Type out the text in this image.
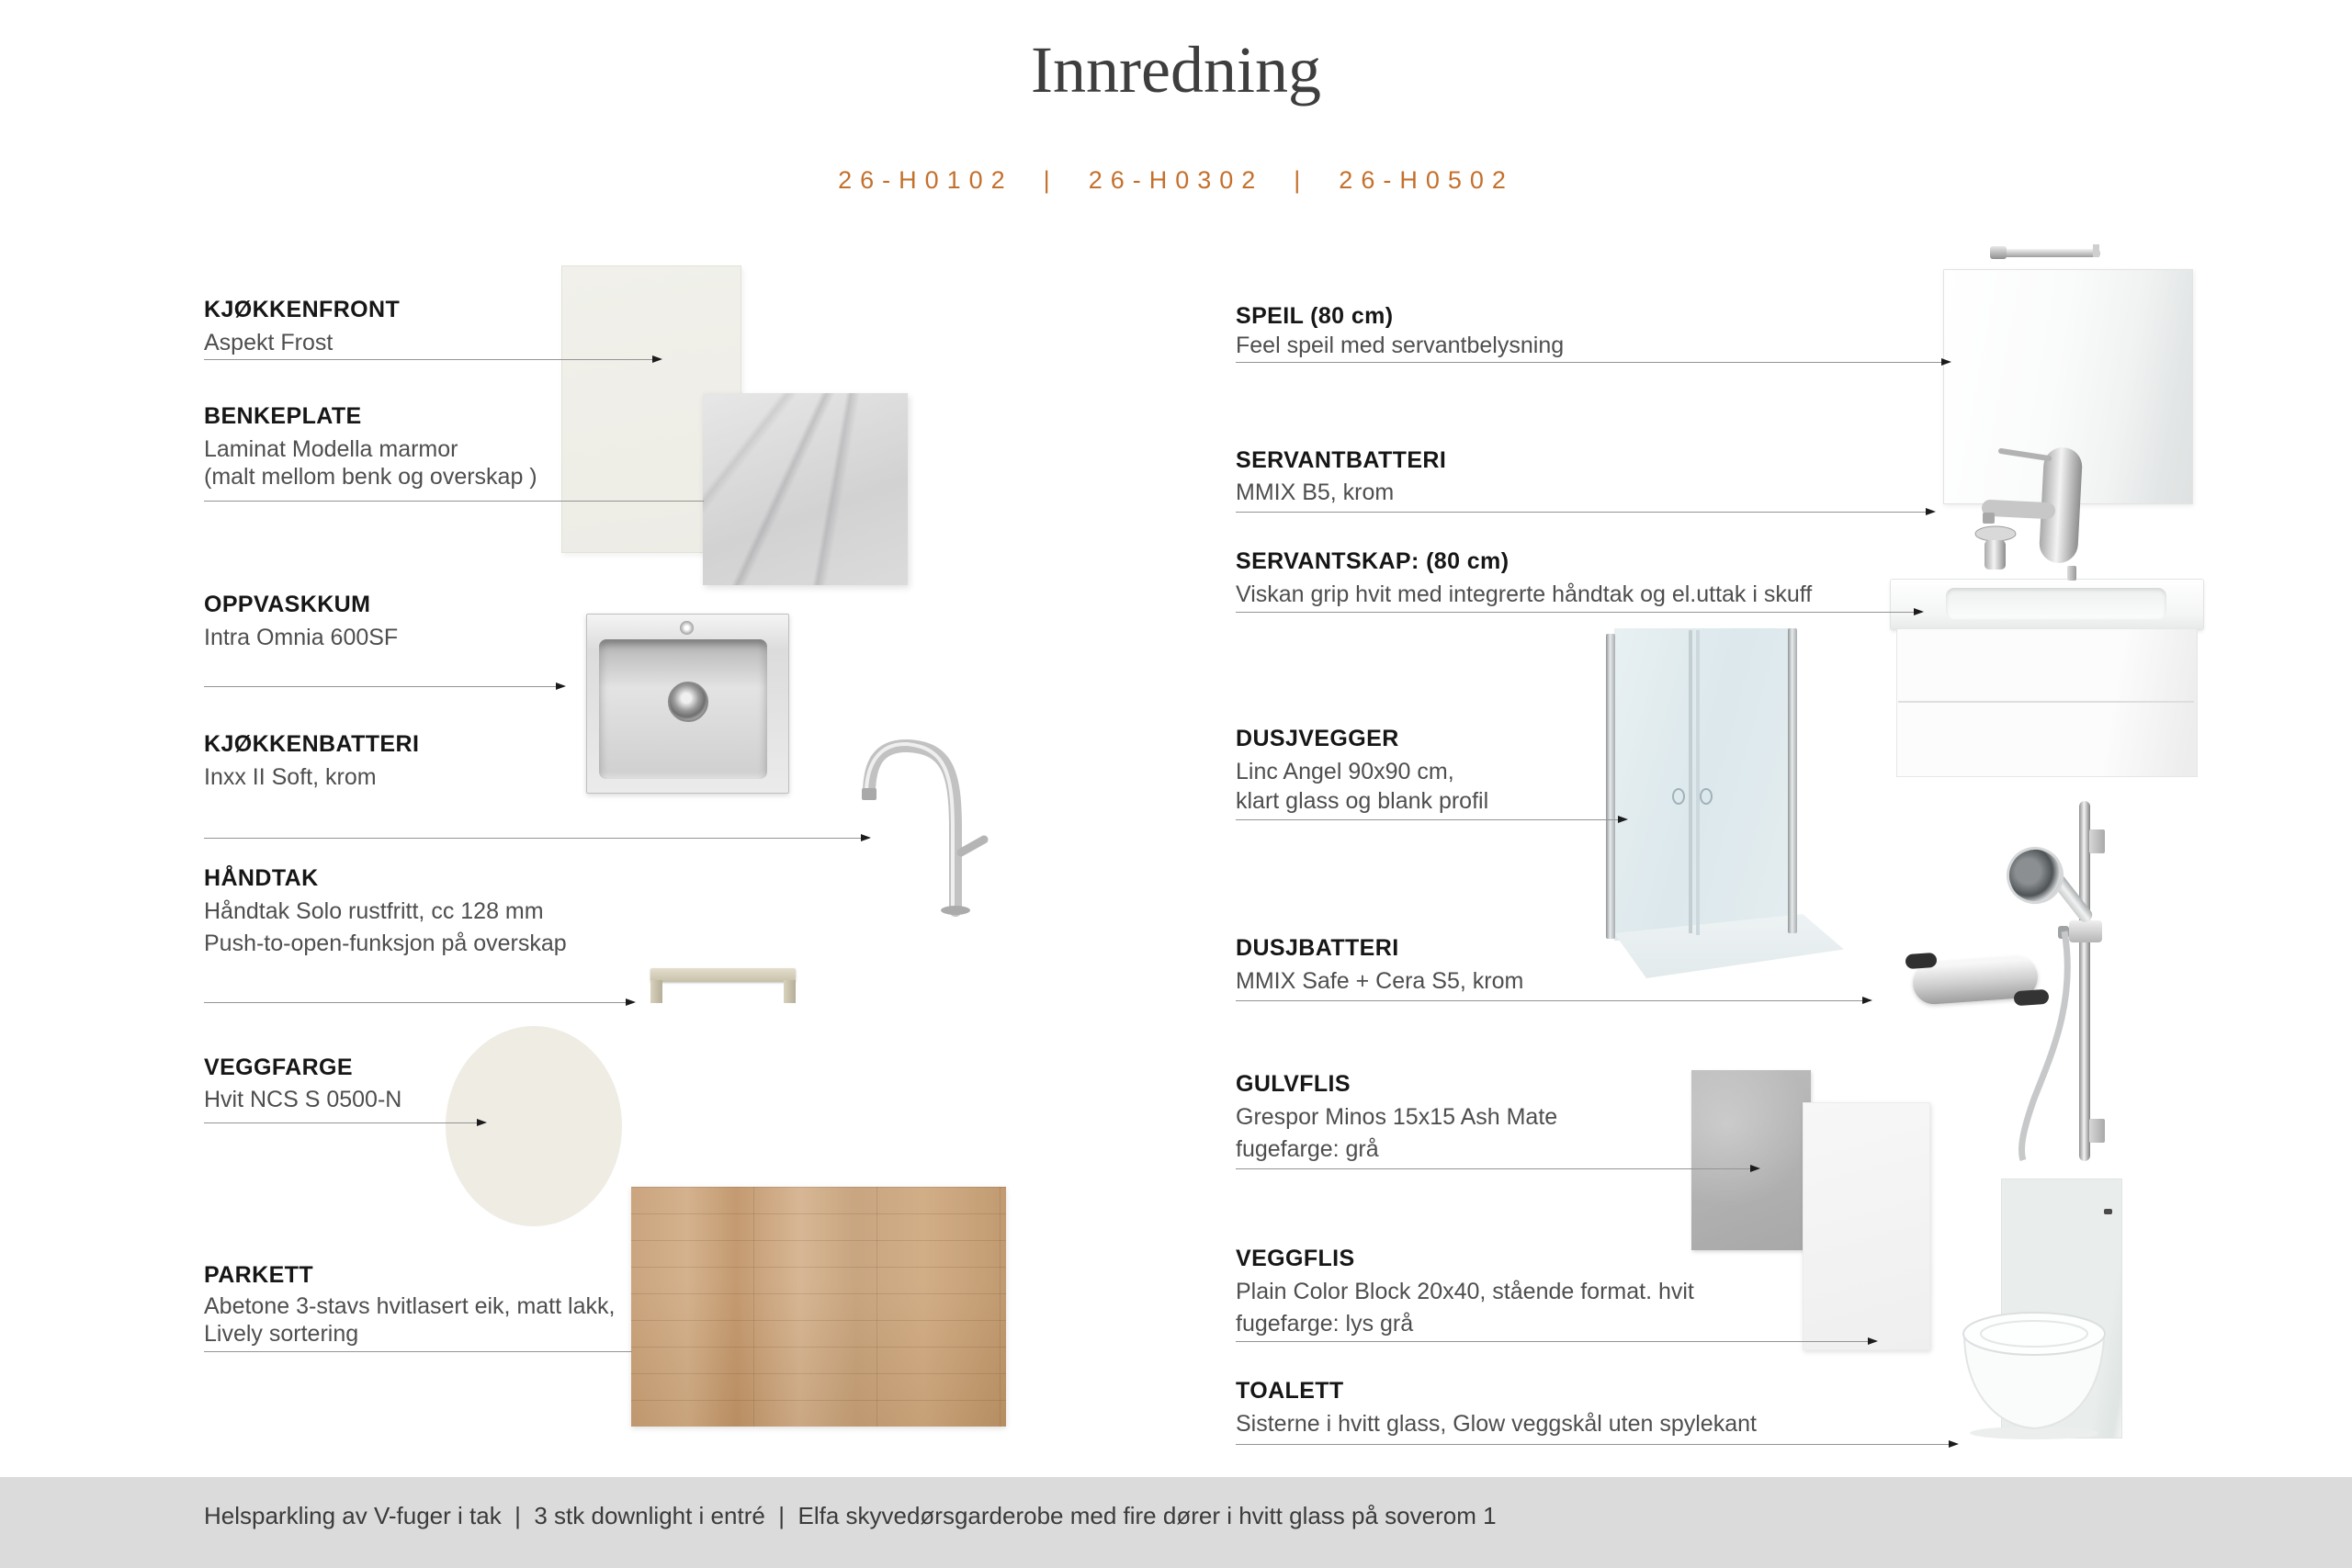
Innredning
26-H0102  |  26-H0302  |  26-H0502
KJØKKENFRONT
Aspekt Frost
BENKEPLATE
Laminat Modella marmor
(malt mellom benk og overskap )
OPPVASKKUM
Intra Omnia 600SF
KJØKKENBATTERI
Inxx II Soft, krom
HÅNDTAK
Håndtak Solo rustfritt, cc 128 mm
Push-to-open-funksjon på overskap
VEGGFARGE
Hvit NCS S 0500-N
PARKETT
Abetone 3-stavs hvitlasert eik, matt lakk,
Lively sortering
SPEIL (80 cm)
Feel speil med servantbelysning
SERVANTBATTERI
MMIX B5, krom
SERVANTSKAP: (80 cm)
Viskan grip hvit med integrerte håndtak og el.uttak i skuff
DUSJVEGGER
Linc Angel 90x90 cm,
klart glass og blank profil
DUSJBATTERI
MMIX Safe + Cera S5, krom
GULVFLIS
Grespor Minos 15x15 Ash Mate
fugefarge: grå
VEGGFLIS
Plain Color Block 20x40, stående format. hvit
fugefarge: lys grå
TOALETT
Sisterne i hvitt glass, Glow veggskål uten spylekant
Helsparkling av V-fuger i tak  |  3 stk downlight i entré  |  Elfa skyvedørsgarderobe med fire dører i hvitt glass på soverom 1
